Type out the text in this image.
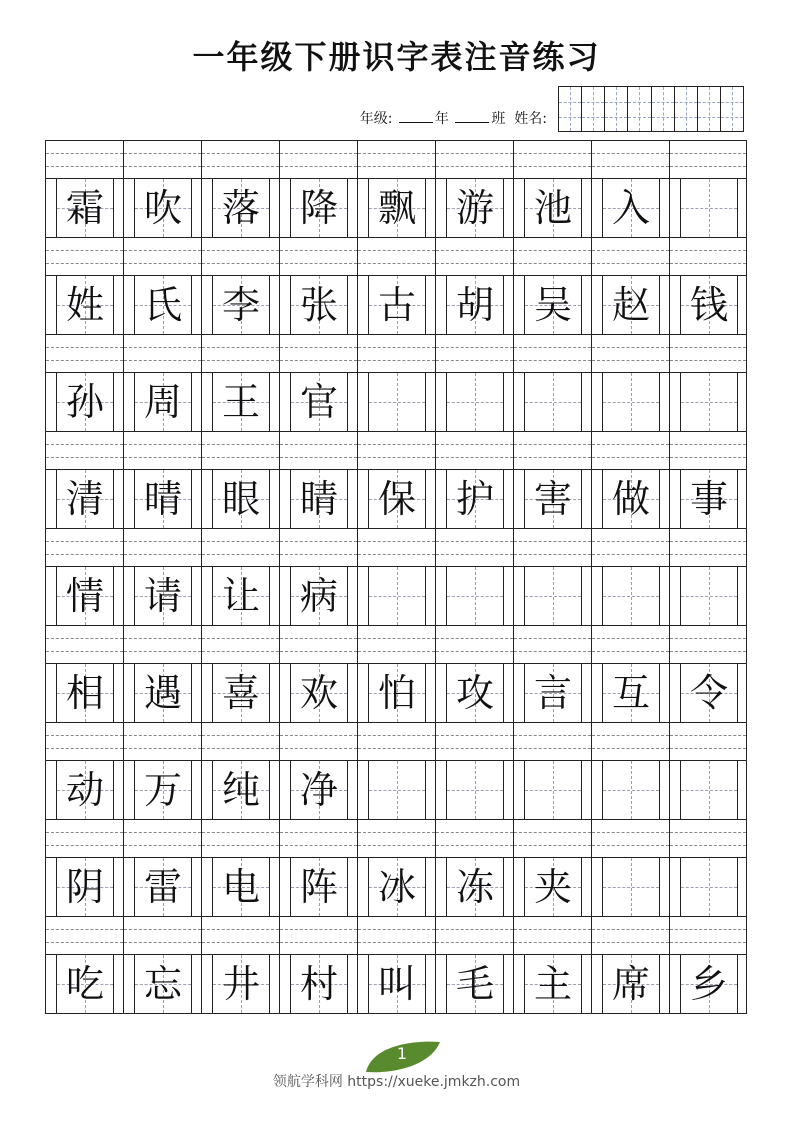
一年级下册识字表注音练习
年级:	年	班 姓名:
霜	吹	落	降	飘	游	池	入
姓	氏	李	张	古	胡	吴	赵	钱
孙	周	王	官
清	晴	眼	睛	保	护	害	做	事
情	请	让	病
相	遇	喜	欢	怕	攻	言	互	令
动	万	纯	净
阴	雷	电	阵	冰	冻	夹
吃	忘	井	村	叫	毛	主	席	乡
1
领航学科网 https://xueke.jmkzh.com
